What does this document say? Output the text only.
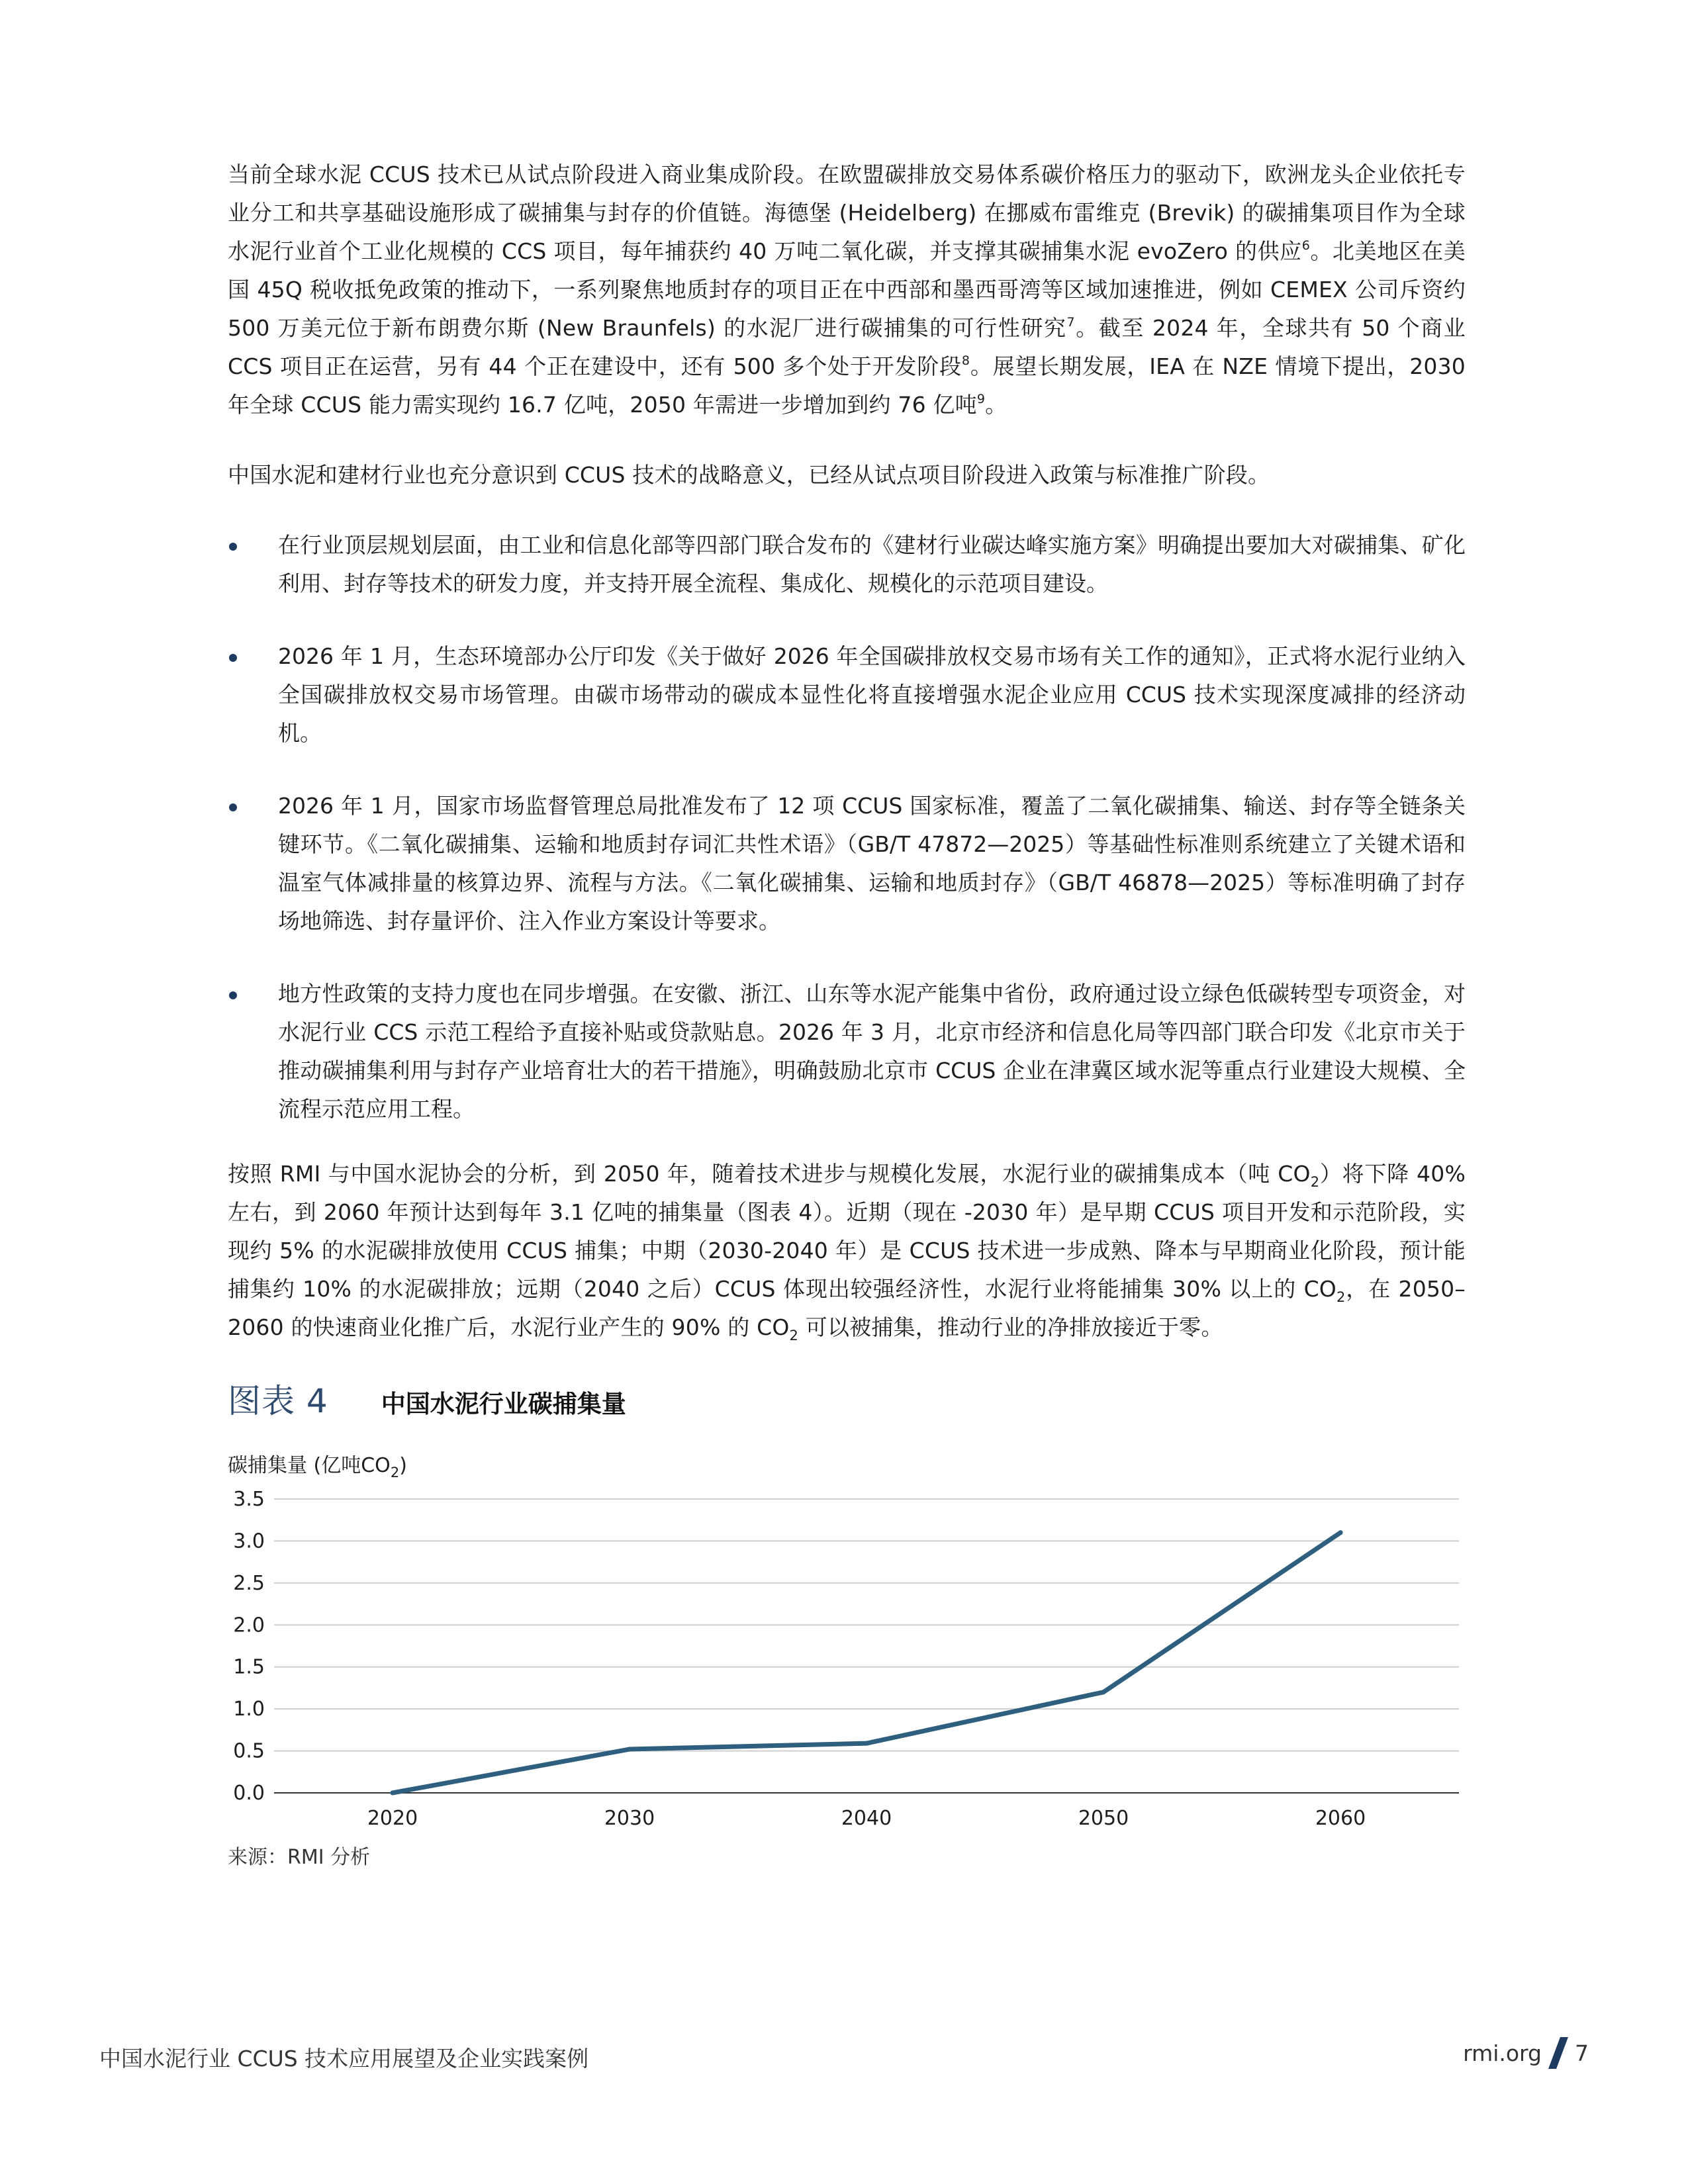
当前全球水泥 CCUS 技术已从试点阶段进入商业集成阶段。在欧盟碳排放交易体系碳价格压力的驱动下，欧洲龙头企业依托专业分工和共享基础设施形成了碳捕集与封存的价值链。海德堡 (Heidelberg) 在挪威布雷维克 (Brevik) 的碳捕集项目作为全球水泥行业首个工业化规模的 CCS 项目，每年捕获约 40 万吨二氧化碳，并支撑其碳捕集水泥 evoZero 的供应$^6$。北美地区在美国 45Q 税收抵免政策的推动下，一系列聚焦地质封存的项目正在中西部和墨西哥湾等区域加速推进，例如 CEMEX 公司斥资约 500 万美元位于新布朗费尔斯 (New Braunfels) 的水泥厂进行碳捕集的可行性研究$^7$。截至 2024 年，全球共有 50 个商业 CCS 项目正在运营，另有 44 个正在建设中，还有 500 多个处于开发阶段$^8$。展望长期发展，IEA 在 NZE 情境下提出，2030 年全球 CCUS 能力需实现约 16.7 亿吨，2050 年需进一步增加到约 76 亿吨$^9$。

中国水泥和建材行业也充分意识到 CCUS 技术的战略意义，已经从试点项目阶段进入政策与标准推广阶段。

在行业顶层规划层面，由工业和信息化部等四部门联合发布的《建材行业碳达峰实施方案》明确提出要加大对碳捕集、矿化利用、封存等技术的研发力度，并支持开展全流程、集成化、规模化的示范项目建设。
2026 年 1 月，生态环境部办公厅印发《关于做好 2026 年全国碳排放权交易市场有关工作的通知》，正式将水泥行业纳入全国碳排放权交易市场管理。由碳市场带动的碳成本显性化将直接增强水泥企业应用 CCUS 技术实现深度减排的经济动机。
2026 年 1 月，国家市场监督管理总局批准发布了 12 项 CCUS 国家标准，覆盖了二氧化碳捕集、输送、封存等全链条关键环节。《二氧化碳捕集、运输和地质封存词汇共性术语》（GB/T 47872—2025）等基础性标准则系统建立了关键术语和温室气体减排量的核算边界、流程与方法。《二氧化碳捕集、运输和地质封存》（GB/T 46878—2025）等标准明确了封存场地筛选、封存量评价、注入作业方案设计等要求。
地方性政策的支持力度也在同步增强。在安徽、浙江、山东等水泥产能集中省份，政府通过设立绿色低碳转型专项资金，对水泥行业 CCS 示范工程给予直接补贴或贷款贴息。2026 年 3 月，北京市经济和信息化局等四部门联合印发《北京市关于推动碳捕集利用与封存产业培育壮大的若干措施》，明确鼓励北京市 CCUS 企业在津冀区域水泥等重点行业建设大规模、全流程示范应用工程。

按照 RMI 与中国水泥协会的分析，到 2050 年，随着技术进步与规模化发展，水泥行业的碳捕集成本（吨 $CO_2$）将下降 40% 左右，到 2060 年预计达到每年 3.1 亿吨的捕集量（图表 4）。近期（现在 -2030 年）是早期 CCUS 项目开发和示范阶段，实现约 5% 的水泥碳排放使用 CCUS 捕集；中期（2030-2040 年）是 CCUS 技术进一步成熟、降本与早期商业化阶段，预计能捕集约 10% 的水泥碳排放；远期（2040 之后）CCUS 体现出较强经济性，水泥行业将能捕集 30% 以上的 $CO_2$，在 2050–2060 的快速商业化推广后，水泥行业产生的 90% 的 $CO_2$ 可以被捕集，推动行业的净排放接近于零。

图表 4 中国水泥行业碳捕集量
碳捕集量 (亿吨$CO_2$)
0.0
0.5
1.0
1.5
2.0
2.5
3.0
3.5
2020	2030	2040	2050	2060
来源：RMI 分析
中国水泥行业 CCUS 技术应用展望及企业实践案例	rmi.org 7
